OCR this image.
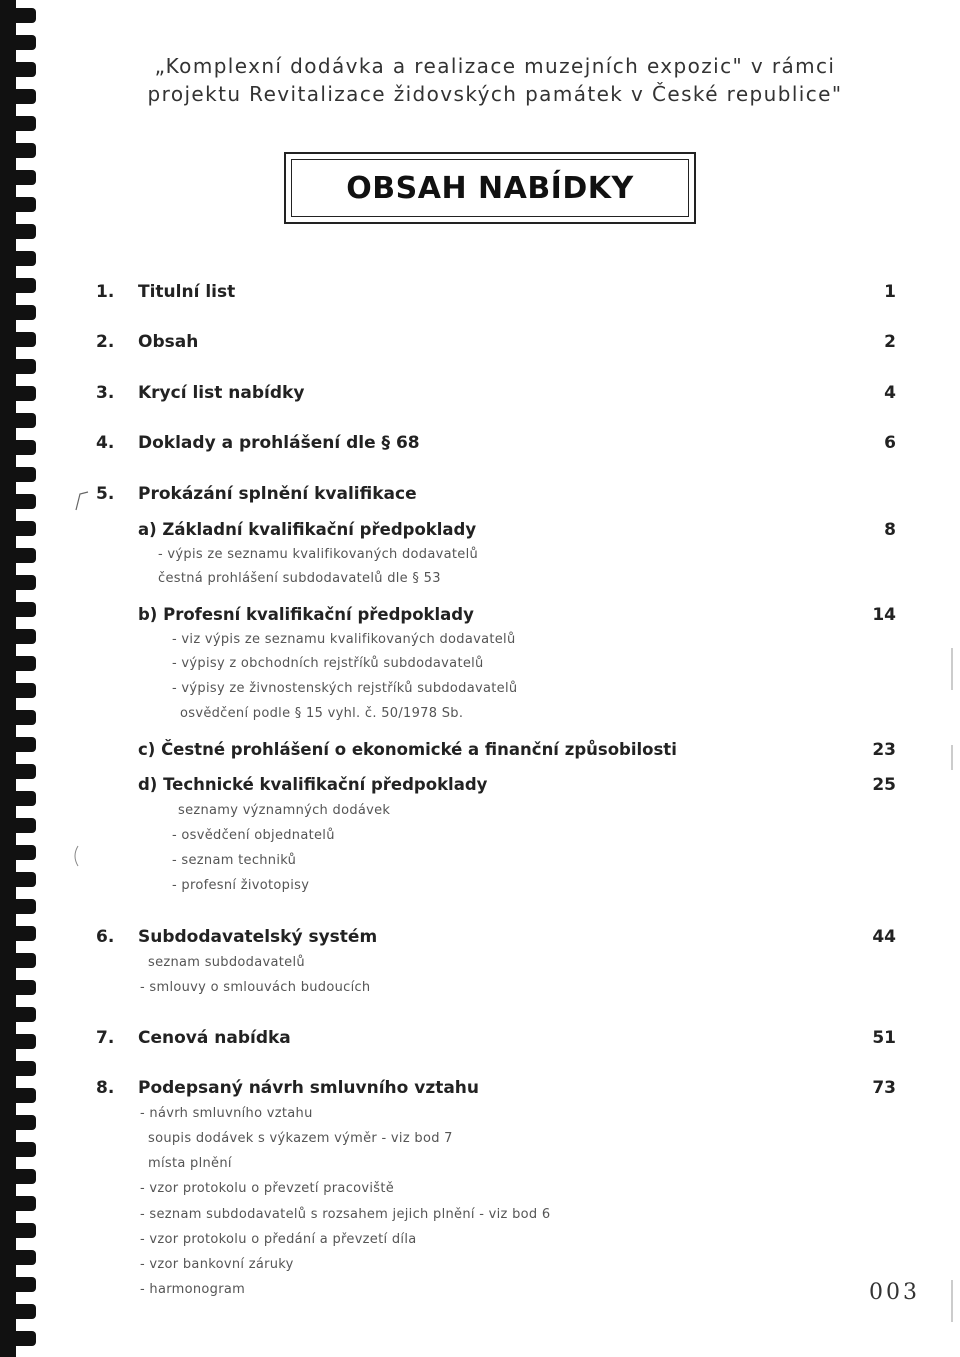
„Komplexní dodávka a realizace muzejních expozic" v rámci
projektu Revitalizace židovských památek v České republice"
OBSAH NABÍDKY
1. Titulní list	1
2. Obsah	2
3. Krycí list nabídky	4
4. Doklady a prohlášení dle § 68	6
5. Prokázání splnění kvalifikace
a) Základní kvalifikační předpoklady	8
- výpis ze seznamu kvalifikovaných dodavatelů
čestná prohlášení subdodavatelů dle § 53
b) Profesní kvalifikační předpoklady	14
- viz výpis ze seznamu kvalifikovaných dodavatelů
- výpisy z obchodních rejstříků subdodavatelů
- výpisy ze živnostenských rejstříků subdodavatelů
osvědčení podle § 15 vyhl. č. 50/1978 Sb.
c) Čestné prohlášení o ekonomické a finanční způsobilosti	23
d) Technické kvalifikační předpoklady	25
seznamy významných dodávek
- osvědčení objednatelů
- seznam techniků
- profesní životopisy
6. Subdodavatelský systém	44
seznam subdodavatelů
- smlouvy o smlouvách budoucích
7. Cenová nabídka	51
8. Podepsaný návrh smluvního vztahu	73
- návrh smluvního vztahu
soupis dodávek s výkazem výměr - viz bod 7
místa plnění
- vzor protokolu o převzetí pracoviště
- seznam subdodavatelů s rozsahem jejich plnění - viz bod 6
- vzor protokolu o předání a převzetí díla
- vzor bankovní záruky
- harmonogram	003
